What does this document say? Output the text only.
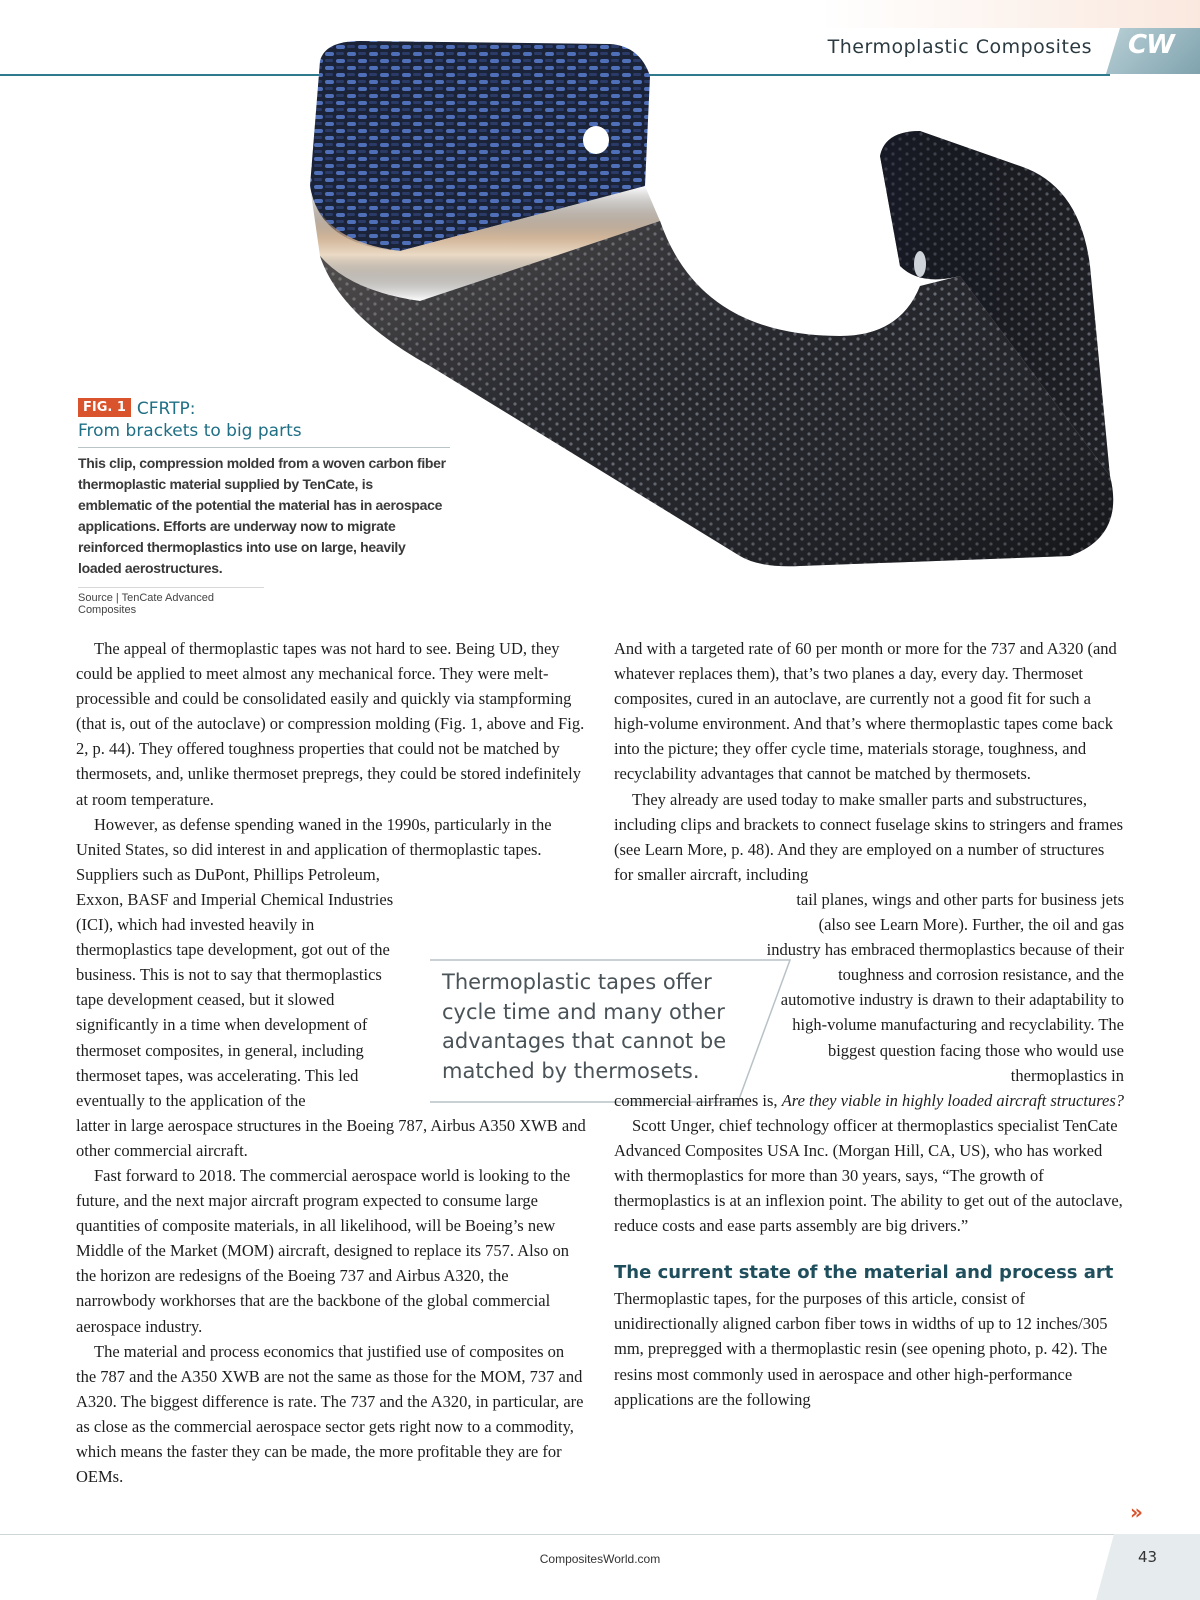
Thermoplastic Composites CW
FIG. 1 CFRTP:
From brackets to big parts

This clip, compression molded from a woven carbon fiber thermoplastic material supplied by TenCate, is emblematic of the potential the material has in aerospace applications. Efforts are underway now to migrate reinforced thermoplastics into use on large, heavily loaded aerostructures.

Source | TenCate Advanced Composites

The appeal of thermoplastic tapes was not hard to see. Being UD, they could be applied to meet almost any mechanical force. They were melt-processible and could be consolidated easily and quickly via stampforming (that is, out of the autoclave) or compression molding (Fig. 1, above and Fig. 2, p. 44). They offered toughness properties that could not be matched by thermosets, and, unlike thermoset prepregs, they could be stored indefinitely at room temperature.

However, as defense spending waned in the 1990s, particularly in the United States, so did interest in and application of thermoplastic tapes. Suppliers such as DuPont, Phillips Petroleum,

Exxon, BASF and Imperial Chemical Industries (ICI), which had invested heavily in thermoplastics tape development, got out of the business. This is not to say that thermoplastics tape development ceased, but it slowed significantly in a time when development of thermoset composites, in general, including thermoset tapes, was accelerating. This led eventually to the application of the

latter in large aerospace structures in the Boeing 787, Airbus A350 XWB and other commercial aircraft.

Fast forward to 2018. The commercial aerospace world is looking to the future, and the next major aircraft program expected to consume large quantities of composite materials, in all likelihood, will be Boeing’s new Middle of the Market (MOM) aircraft, designed to replace its 757. Also on the horizon are redesigns of the Boeing 737 and Airbus A320, the narrowbody workhorses that are the backbone of the global commercial aerospace industry.

The material and process economics that justified use of composites on the 787 and the A350 XWB are not the same as those for the MOM, 737 and A320. The biggest difference is rate. The 737 and the A320, in particular, are as close as the commercial aerospace sector gets right now to a commodity, which means the faster they can be made, the more profitable they are for OEMs.

Thermoplastic tapes offer cycle time and many other advantages that cannot be matched by thermosets.

And with a targeted rate of 60 per month or more for the 737 and A320 (and whatever replaces them), that’s two planes a day, every day. Thermoset composites, cured in an autoclave, are currently not a good fit for such a high-volume environment. And that’s where thermoplastic tapes come back into the picture; they offer cycle time, materials storage, toughness, and recyclability advantages that cannot be matched by thermosets.

They already are used today to make smaller parts and substructures, including clips and brackets to connect fuselage skins to stringers and frames (see Learn More, p. 48). And they are employed on a number of structures for smaller aircraft, including

tail planes, wings and other parts for business jets (also see Learn More). Further, the oil and gas industry has embraced thermoplastics because of their toughness and corrosion resistance, and the automotive industry is drawn to their adaptability to high-volume manufacturing and recyclability. The biggest question facing those who would use thermoplastics in

commercial airframes is, Are they viable in highly loaded aircraft structures?

Scott Unger, chief technology officer at thermoplastics specialist TenCate Advanced Composites USA Inc. (Morgan Hill, CA, US), who has worked with thermoplastics for more than 30 years, says, “The growth of thermoplastics is at an inflexion point. The ability to get out of the autoclave, reduce costs and ease parts assembly are big drivers.”

The current state of the material and process art

Thermoplastic tapes, for the purposes of this article, consist of unidirectionally aligned carbon fiber tows in widths of up to 12 inches/305 mm, prepregged with a thermoplastic resin (see opening photo, p. 42). The resins most commonly used in aerospace and other high-performance applications are the following

»
CompositesWorld.com	43
